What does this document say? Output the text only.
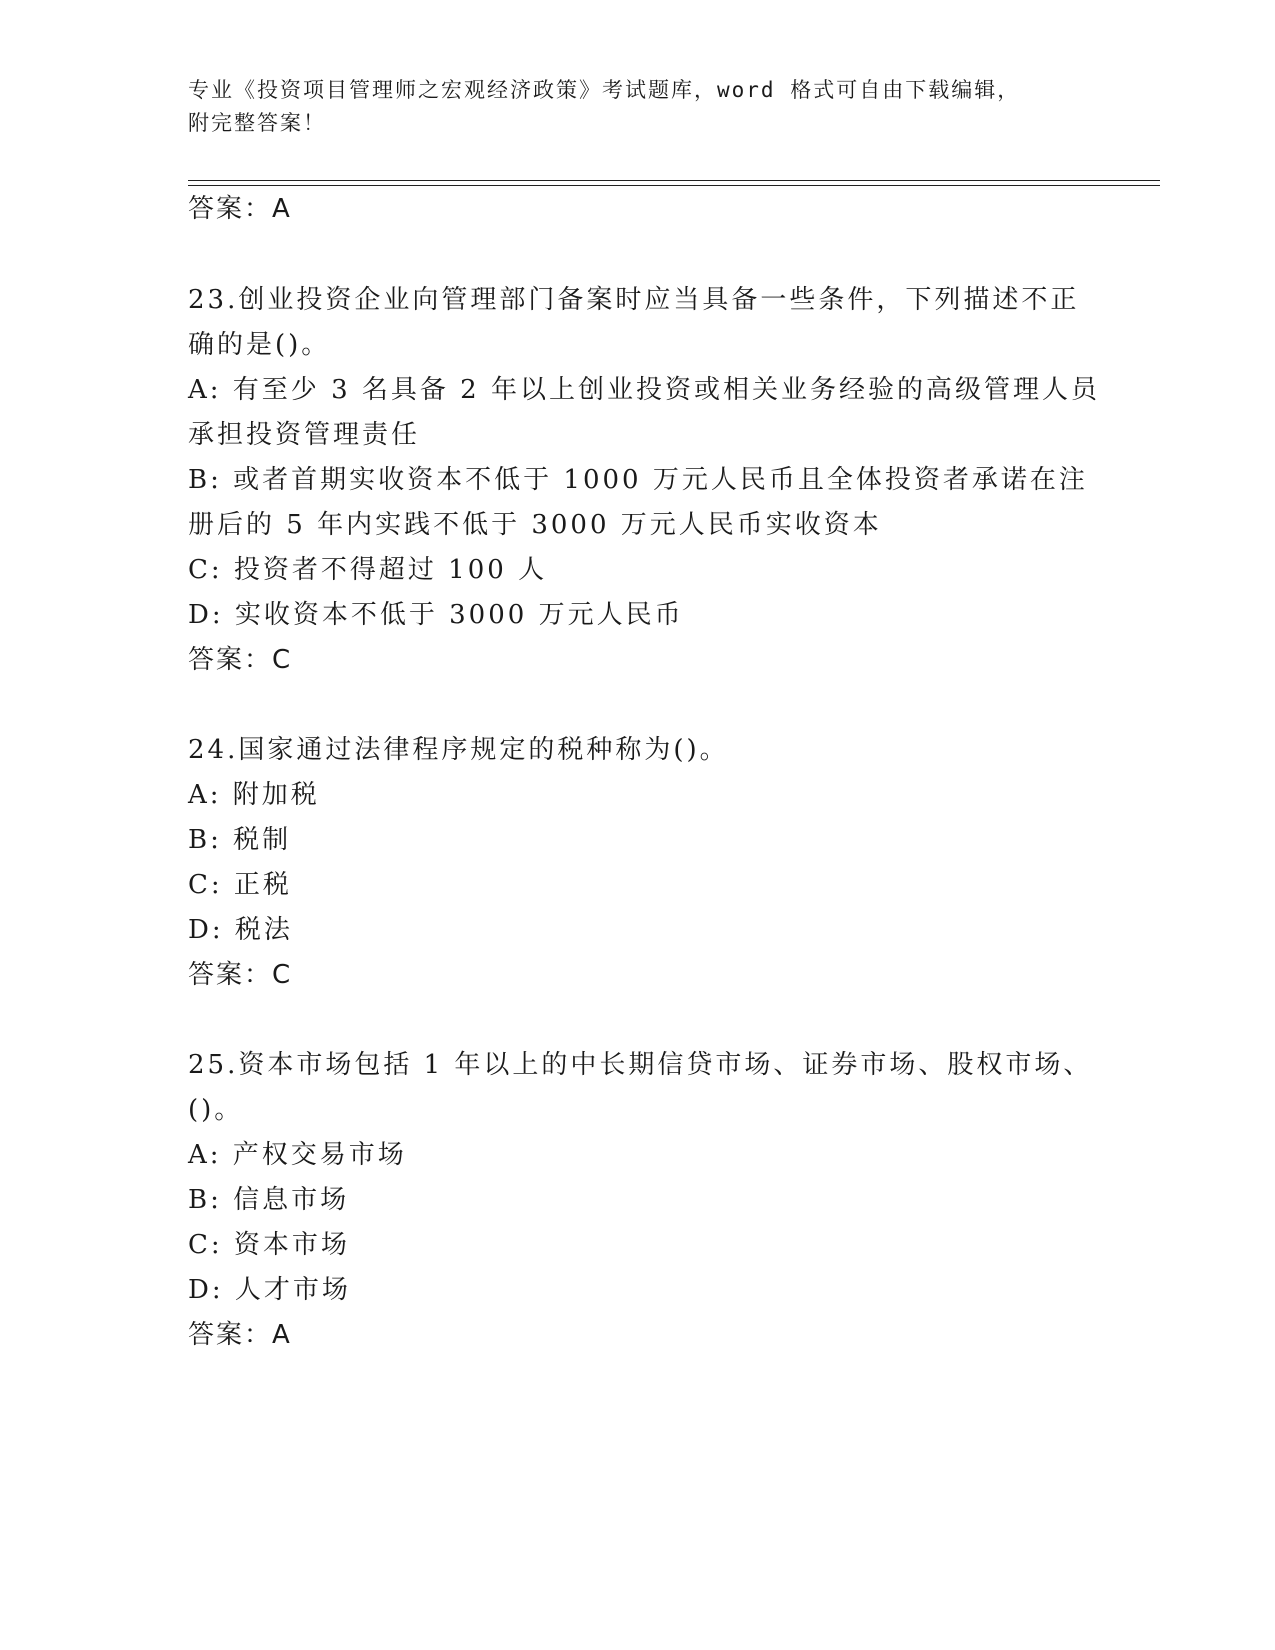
专业《投资项目管理师之宏观经济政策》考试题库，word 格式可自由下载编辑，
附完整答案！
答案：A
23.创业投资企业向管理部门备案时应当具备一些条件，下列描述不正
确的是()。
A: 有至少 3 名具备 2 年以上创业投资或相关业务经验的高级管理人员
承担投资管理责任
B: 或者首期实收资本不低于 1000 万元人民币且全体投资者承诺在注
册后的 5 年内实践不低于 3000 万元人民币实收资本
C: 投资者不得超过 100 人
D: 实收资本不低于 3000 万元人民币
答案：C
24.国家通过法律程序规定的税种称为()。
A: 附加税
B: 税制
C: 正税
D: 税法
答案：C
25.资本市场包括 1 年以上的中长期信贷市场、证券市场、股权市场、
()。
A: 产权交易市场
B: 信息市场
C: 资本市场
D: 人才市场
答案：A
